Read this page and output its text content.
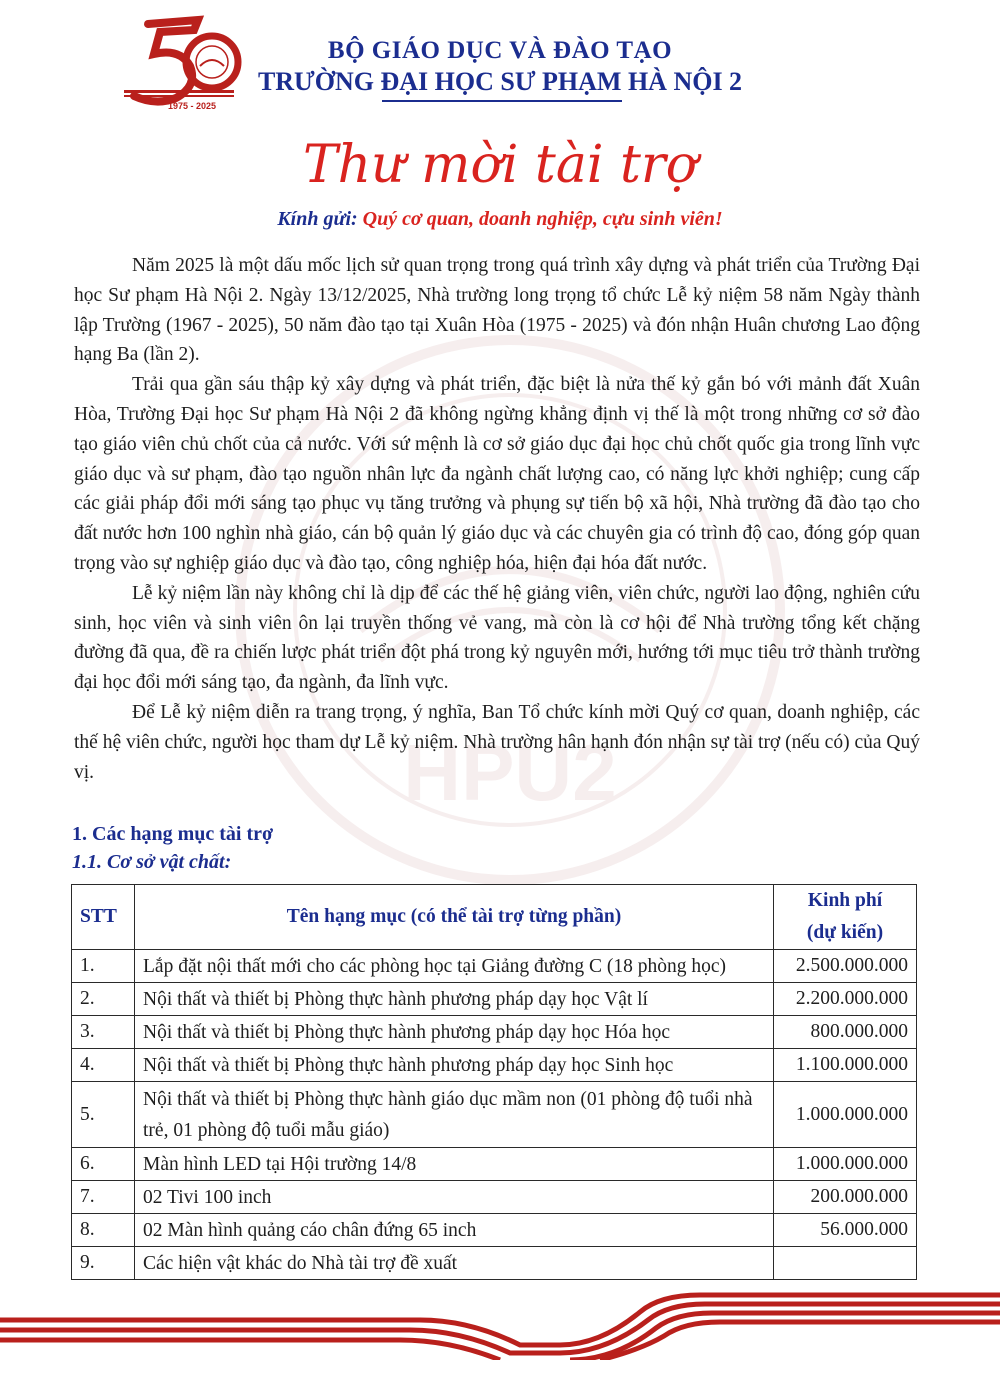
HPU2
1975 - 2025
BỘ GIÁO DỤC VÀ ĐÀO TẠO
TRƯỜNG ĐẠI HỌC SƯ PHẠM HÀ NỘI 2
Thư mời tài trợ
Kính gửi: Quý cơ quan, doanh nghiệp, cựu sinh viên!

Năm 2025 là một dấu mốc lịch sử quan trọng trong quá trình xây dựng và phát triển của Trường Đại học Sư phạm Hà Nội 2. Ngày 13/12/2025, Nhà trường long trọng tổ chức Lễ kỷ niệm 58 năm Ngày thành lập Trường (1967 - 2025), 50 năm đào tạo tại Xuân Hòa (1975 - 2025) và đón nhận Huân chương Lao động hạng Ba (lần 2).

Trải qua gần sáu thập kỷ xây dựng và phát triển, đặc biệt là nửa thế kỷ gắn bó với mảnh đất Xuân Hòa, Trường Đại học Sư phạm Hà Nội 2 đã không ngừng khẳng định vị thế là một trong những cơ sở đào tạo giáo viên chủ chốt của cả nước. Với sứ mệnh là cơ sở giáo dục đại học chủ chốt quốc gia trong lĩnh vực giáo dục và sư phạm, đào tạo nguồn nhân lực đa ngành chất lượng cao, có năng lực khởi nghiệp; cung cấp các giải pháp đổi mới sáng tạo phục vụ tăng trưởng và phụng sự tiến bộ xã hội, Nhà trường đã đào tạo cho đất nước hơn 100 nghìn nhà giáo, cán bộ quản lý giáo dục và các chuyên gia có trình độ cao, đóng góp quan trọng vào sự nghiệp giáo dục và đào tạo, công nghiệp hóa, hiện đại hóa đất nước.

Lễ kỷ niệm lần này không chỉ là dịp để các thế hệ giảng viên, viên chức, người lao động, nghiên cứu sinh, học viên và sinh viên ôn lại truyền thống vẻ vang, mà còn là cơ hội để Nhà trường tổng kết chặng đường đã qua, đề ra chiến lược phát triển đột phá trong kỷ nguyên mới, hướng tới mục tiêu trở thành trường đại học đổi mới sáng tạo, đa ngành, đa lĩnh vực.

Để Lễ kỷ niệm diễn ra trang trọng, ý nghĩa, Ban Tổ chức kính mời Quý cơ quan, doanh nghiệp, các thế hệ viên chức, người học tham dự Lễ kỷ niệm. Nhà trường hân hạnh đón nhận sự tài trợ (nếu có) của Quý vị.

1. Các hạng mục tài trợ
1.1. Cơ sở vật chất:
STT	Tên hạng mục (có thể tài trợ từng phần)	Kinh phí
(dự kiến)

1.	Lắp đặt nội thất mới cho các phòng học tại Giảng đường C (18 phòng học)	2.500.000.000
2.	Nội thất và thiết bị Phòng thực hành phương pháp dạy học Vật lí	2.200.000.000
3.	Nội thất và thiết bị Phòng thực hành phương pháp dạy học Hóa học	800.000.000
4.	Nội thất và thiết bị Phòng thực hành phương pháp dạy học Sinh học	1.100.000.000
5.	Nội thất và thiết bị Phòng thực hành giáo dục mầm non (01 phòng độ tuổi nhà trẻ, 01 phòng độ tuổi mẫu giáo)	1.000.000.000
6.	Màn hình LED tại Hội trường 14/8	1.000.000.000
7.	02 Tivi 100 inch	200.000.000
8.	02 Màn hình quảng cáo chân đứng 65 inch	56.000.000
9.	Các hiện vật khác do Nhà tài trợ đề xuất	
